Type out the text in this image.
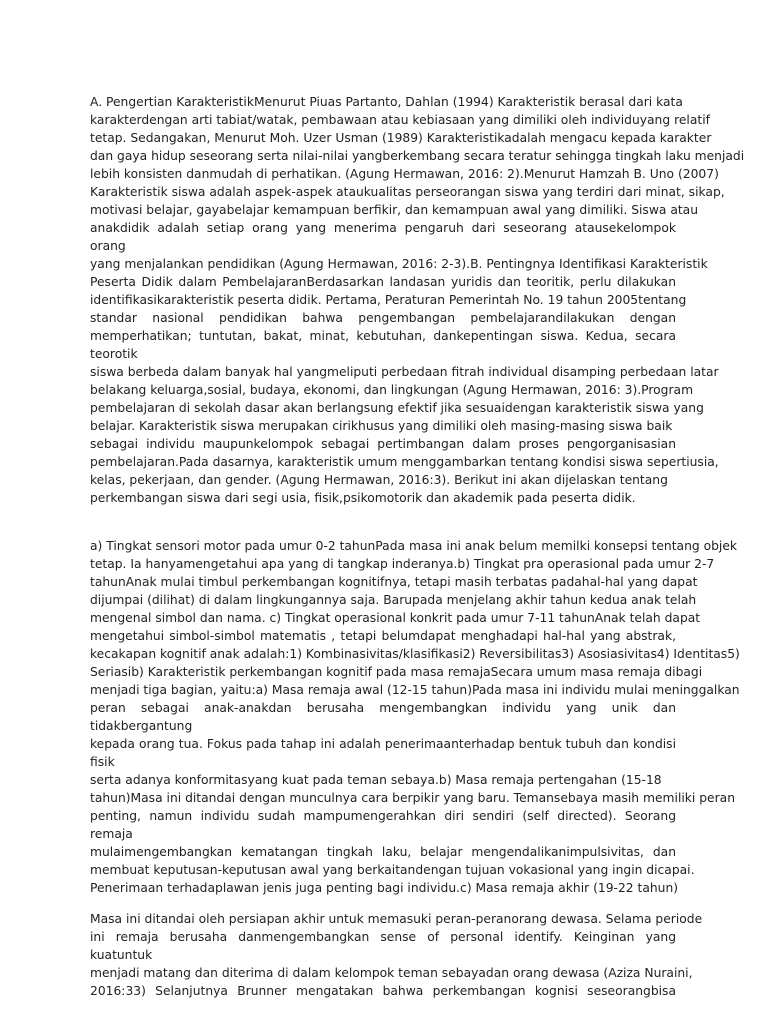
A. Pengertian KarakteristikMenurut Piuas Partanto, Dahlan (1994) Karakteristik berasal dari kata
karakterdengan arti tabiat/watak, pembawaan atau kebiasaan yang dimiliki oleh individuyang relatif
tetap. Sedangakan, Menurut Moh. Uzer Usman (1989) Karakteristikadalah mengacu kepada karakter
dan gaya hidup seseorang serta nilai-nilai yangberkembang secara teratur sehingga tingkah laku menjadi
lebih konsisten danmudah di perhatikan. (Agung Hermawan, 2016: 2).Menurut Hamzah B. Uno (2007)
Karakteristik siswa adalah aspek-aspek ataukualitas perseorangan siswa yang terdiri dari minat, sikap,
motivasi belajar, gayabelajar kemampuan berfikir, dan kemampuan awal yang dimiliki. Siswa atau
anakdidik adalah setiap orang yang menerima pengaruh dari seseorang atausekelompok orang
yang menjalankan pendidikan (Agung Hermawan, 2016: 2-3).B. Pentingnya Identifikasi Karakteristik
Peserta Didik dalam PembelajaranBerdasarkan landasan yuridis dan teoritik, perlu dilakukan
identifikasikarakteristik peserta didik. Pertama, Peraturan Pemerintah No. 19 tahun 2005tentang
standar nasional pendidikan bahwa pengembangan pembelajarandilakukan dengan
memperhatikan; tuntutan, bakat, minat, kebutuhan, dankepentingan siswa. Kedua, secara teorotik
siswa berbeda dalam banyak hal yangmeliputi perbedaan fitrah individual disamping perbedaan latar
belakang keluarga,sosial, budaya, ekonomi, dan lingkungan (Agung Hermawan, 2016: 3).Program
pembelajaran di sekolah dasar akan berlangsung efektif jika sesuaidengan karakteristik siswa yang
belajar. Karakteristik siswa merupakan cirikhusus yang dimiliki oleh masing-masing siswa baik
sebagai individu maupunkelompok sebagai pertimbangan dalam proses pengorganisasian
pembelajaran.Pada dasarnya, karakteristik umum menggambarkan tentang kondisi siswa sepertiusia,
kelas, pekerjaan, dan gender. (Agung Hermawan, 2016:3). Berikut ini akan dijelaskan tentang
perkembangan siswa dari segi usia, fisik,psikomotorik dan akademik pada peserta didik.
a) Tingkat sensori motor pada umur 0-2 tahunPada masa ini anak belum memilki konsepsi tentang objek
tetap. Ia hanyamengetahui apa yang di tangkap inderanya.b) Tingkat pra operasional pada umur 2-7
tahunAnak mulai timbul perkembangan kognitifnya, tetapi masih terbatas padahal-hal yang dapat
dijumpai (dilihat) di dalam lingkungannya saja. Barupada menjelang akhir tahun kedua anak telah
mengenal simbol dan nama. c) Tingkat operasional konkrit pada umur 7-11 tahunAnak telah dapat
mengetahui simbol-simbol matematis , tetapi belumdapat menghadapi hal-hal yang abstrak,
kecakapan kognitif anak adalah:1) Kombinasivitas/klasifikasi2) Reversibilitas3) Asosiasivitas4) Identitas5)
Seriasib) Karakteristik perkembangan kognitif pada masa remajaSecara umum masa remaja dibagi
menjadi tiga bagian, yaitu:a) Masa remaja awal (12-15 tahun)Pada masa ini individu mulai meninggalkan
peran sebagai anak-anakdan berusaha mengembangkan individu yang unik dan tidakbergantung
kepada orang tua. Fokus pada tahap ini adalah penerimaanterhadap bentuk tubuh dan kondisi fisik
serta adanya konformitasyang kuat pada teman sebaya.b) Masa remaja pertengahan (15-18
tahun)Masa ini ditandai dengan munculnya cara berpikir yang baru. Temansebaya masih memiliki peran
penting, namun individu sudah mampumengerahkan diri sendiri (self directed). Seorang remaja
mulaimengembangkan kematangan tingkah laku, belajar mengendalikanimpulsivitas, dan
membuat keputusan-keputusan awal yang berkaitandengan tujuan vokasional yang ingin dicapai.
Penerimaan terhadaplawan jenis juga penting bagi individu.c) Masa remaja akhir (19-22 tahun)
Masa ini ditandai oleh persiapan akhir untuk memasuki peran-peranorang dewasa. Selama periode
ini remaja berusaha danmengembangkan sense of personal identify. Keinginan yang kuatuntuk
menjadi matang dan diterima di dalam kelompok teman sebayadan orang dewasa (Aziza Nuraini,
2016:33) Selanjutnya Brunner mengatakan bahwa perkembangan kognisi seseorangbisa
